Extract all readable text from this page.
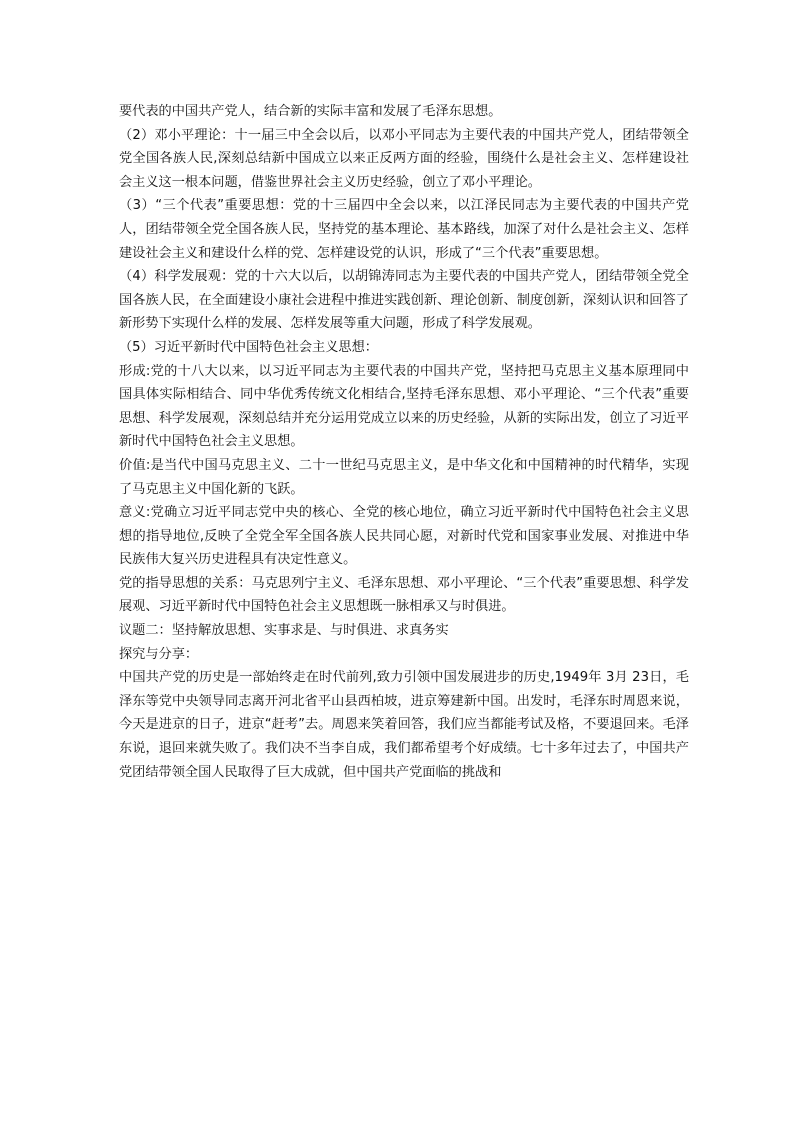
要代表的中国共产党人，结合新的实际丰富和发展了毛泽东思想。

（2）邓小平理论：十一届三中全会以后，以邓小平同志为主要代表的中国共产党人，团结带领全党全国各族人民,深刻总结新中国成立以来正反两方面的经验，围绕什么是社会主义、怎样建设社会主义这一根本问题，借鉴世界社会主义历史经验，创立了邓小平理论。

（3）“三个代表”重要思想：党的十三届四中全会以来，以江泽民同志为主要代表的中国共产党人，团结带领全党全国各族人民，坚持党的基本理论、基本路线，加深了对什么是社会主义、怎样建设社会主义和建设什么样的党、怎样建设党的认识，形成了“三个代表”重要思想。

（4）科学发展观：党的十六大以后，以胡锦涛同志为主要代表的中国共产党人，团结带领全党全国各族人民，在全面建设小康社会进程中推进实践创新、理论创新、制度创新，深刻认识和回答了新形势下实现什么样的发展、怎样发展等重大问题，形成了科学发展观。

（5）习近平新时代中国特色社会主义思想：

形成:党的十八大以来，以习近平同志为主要代表的中国共产党，坚持把马克思主义基本原理同中国具体实际相结合、同中华优秀传统文化相结合,坚持毛泽东思想、邓小平理论、“三个代表”重要思想、科学发展观，深刻总结并充分运用党成立以来的历史经验，从新的实际出发，创立了习近平新时代中国特色社会主义思想。

价值:是当代中国马克思主义、二十一世纪马克思主义，是中华文化和中国精神的时代精华，实现了马克思主义中国化新的飞跃。

意义:党确立习近平同志党中央的核心、全党的核心地位，确立习近平新时代中国特色社会主义思想的指导地位,反映了全党全军全国各族人民共同心愿，对新时代党和国家事业发展、对推进中华民族伟大复兴历史进程具有决定性意义。

党的指导思想的关系：马克思列宁主义、毛泽东思想、邓小平理论、“三个代表”重要思想、科学发展观、习近平新时代中国特色社会主义思想既一脉相承又与时俱进。

议题二：坚持解放思想、实事求是、与时俱进、求真务实

探究与分享：

中国共产党的历史是一部始终走在时代前列,致力引领中国发展进步的历史,1949年 3月 23日，毛泽东等党中央领导同志离开河北省平山县西柏坡，进京筹建新中国。出发时，毛泽东时周恩来说，今天是进京的日子，进京“赶考”去。周恩来笑着回答，我们应当都能考试及格，不要退回来。毛泽东说，退回来就失败了。我们决不当李自成，我们都希望考个好成绩。七十多年过去了，中国共产党团结带领全国人民取得了巨大成就，但中国共产党面临的挑战和
